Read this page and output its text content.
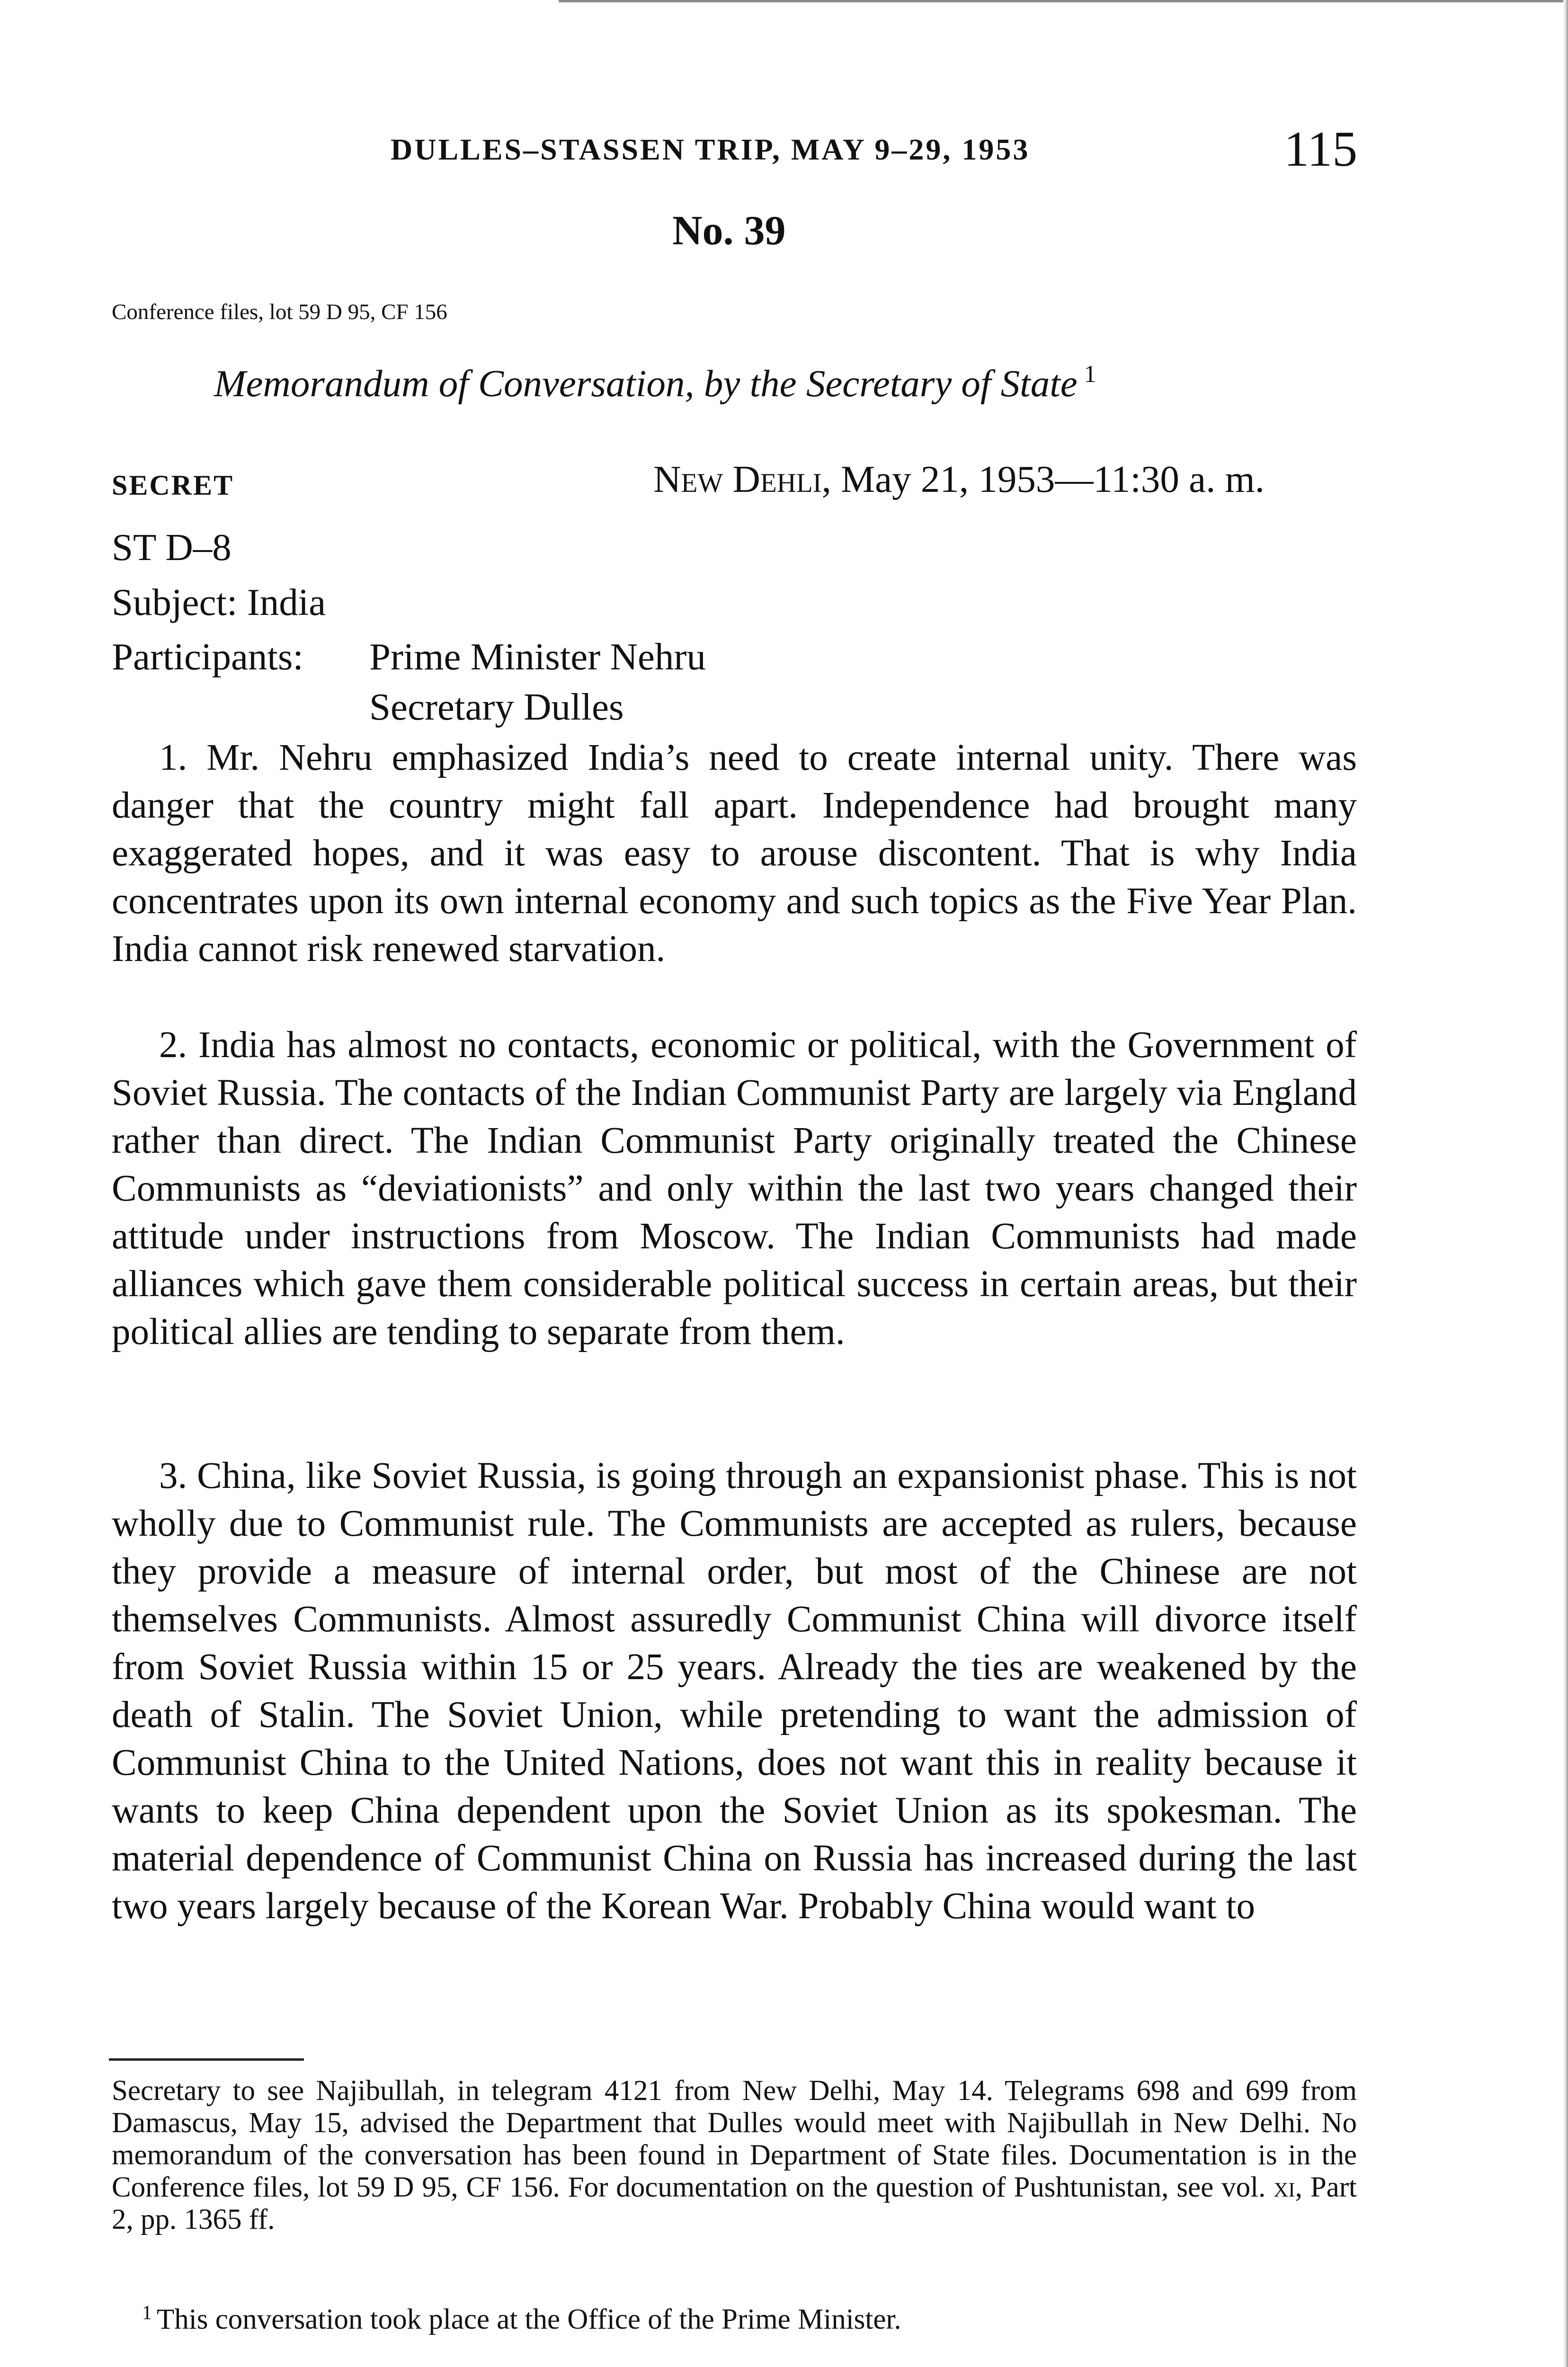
DULLES–STASSEN TRIP, MAY 9–29, 1953	115
No. 39
Conference files, lot 59 D 95, CF 156
Memorandum of Conversation, by the Secretary of State $^1$
SECRET	New Dehli, May 21, 1953—11:30 a. m.
ST D–8
Subject: India
Participants: Prime Minister Nehru
Secretary Dulles

1. Mr. Nehru emphasized India’s need to create internal unity. There was danger that the country might fall apart. Independence had brought many exaggerated hopes, and it was easy to arouse discontent. That is why India concentrates upon its own internal economy and such topics as the Five Year Plan. India cannot risk renewed starvation.

2. India has almost no contacts, economic or political, with the Government of Soviet Russia. The contacts of the Indian Communist Party are largely via England rather than direct. The Indian Communist Party originally treated the Chinese Communists as “deviationists” and only within the last two years changed their attitude under instructions from Moscow. The Indian Communists had made alliances which gave them considerable political success in certain areas, but their political allies are tending to separate from them.

3. China, like Soviet Russia, is going through an expansionist phase. This is not wholly due to Communist rule. The Communists are accepted as rulers, because they provide a measure of internal order, but most of the Chinese are not themselves Communists. Almost assuredly Communist China will divorce itself from Soviet Russia within 15 or 25 years. Already the ties are weakened by the death of Stalin. The Soviet Union, while pretending to want the admission of Communist China to the United Nations, does not want this in reality because it wants to keep China dependent upon the Soviet Union as its spokesman. The material dependence of Communist China on Russia has increased during the last two years largely because of the Korean War. Probably China would want to

Secretary to see Najibullah, in telegram 4121 from New Delhi, May 14. Telegrams 698 and 699 from Damascus, May 15, advised the Department that Dulles would meet with Najibullah in New Delhi. No memorandum of the conversation has been found in Department of State files. Documentation is in the Conference files, lot 59 D 95, CF 156. For documentation on the question of Pushtunistan, see vol. xi, Part 2, pp. 1365 ff.

$^1$ This conversation took place at the Office of the Prime Minister.
